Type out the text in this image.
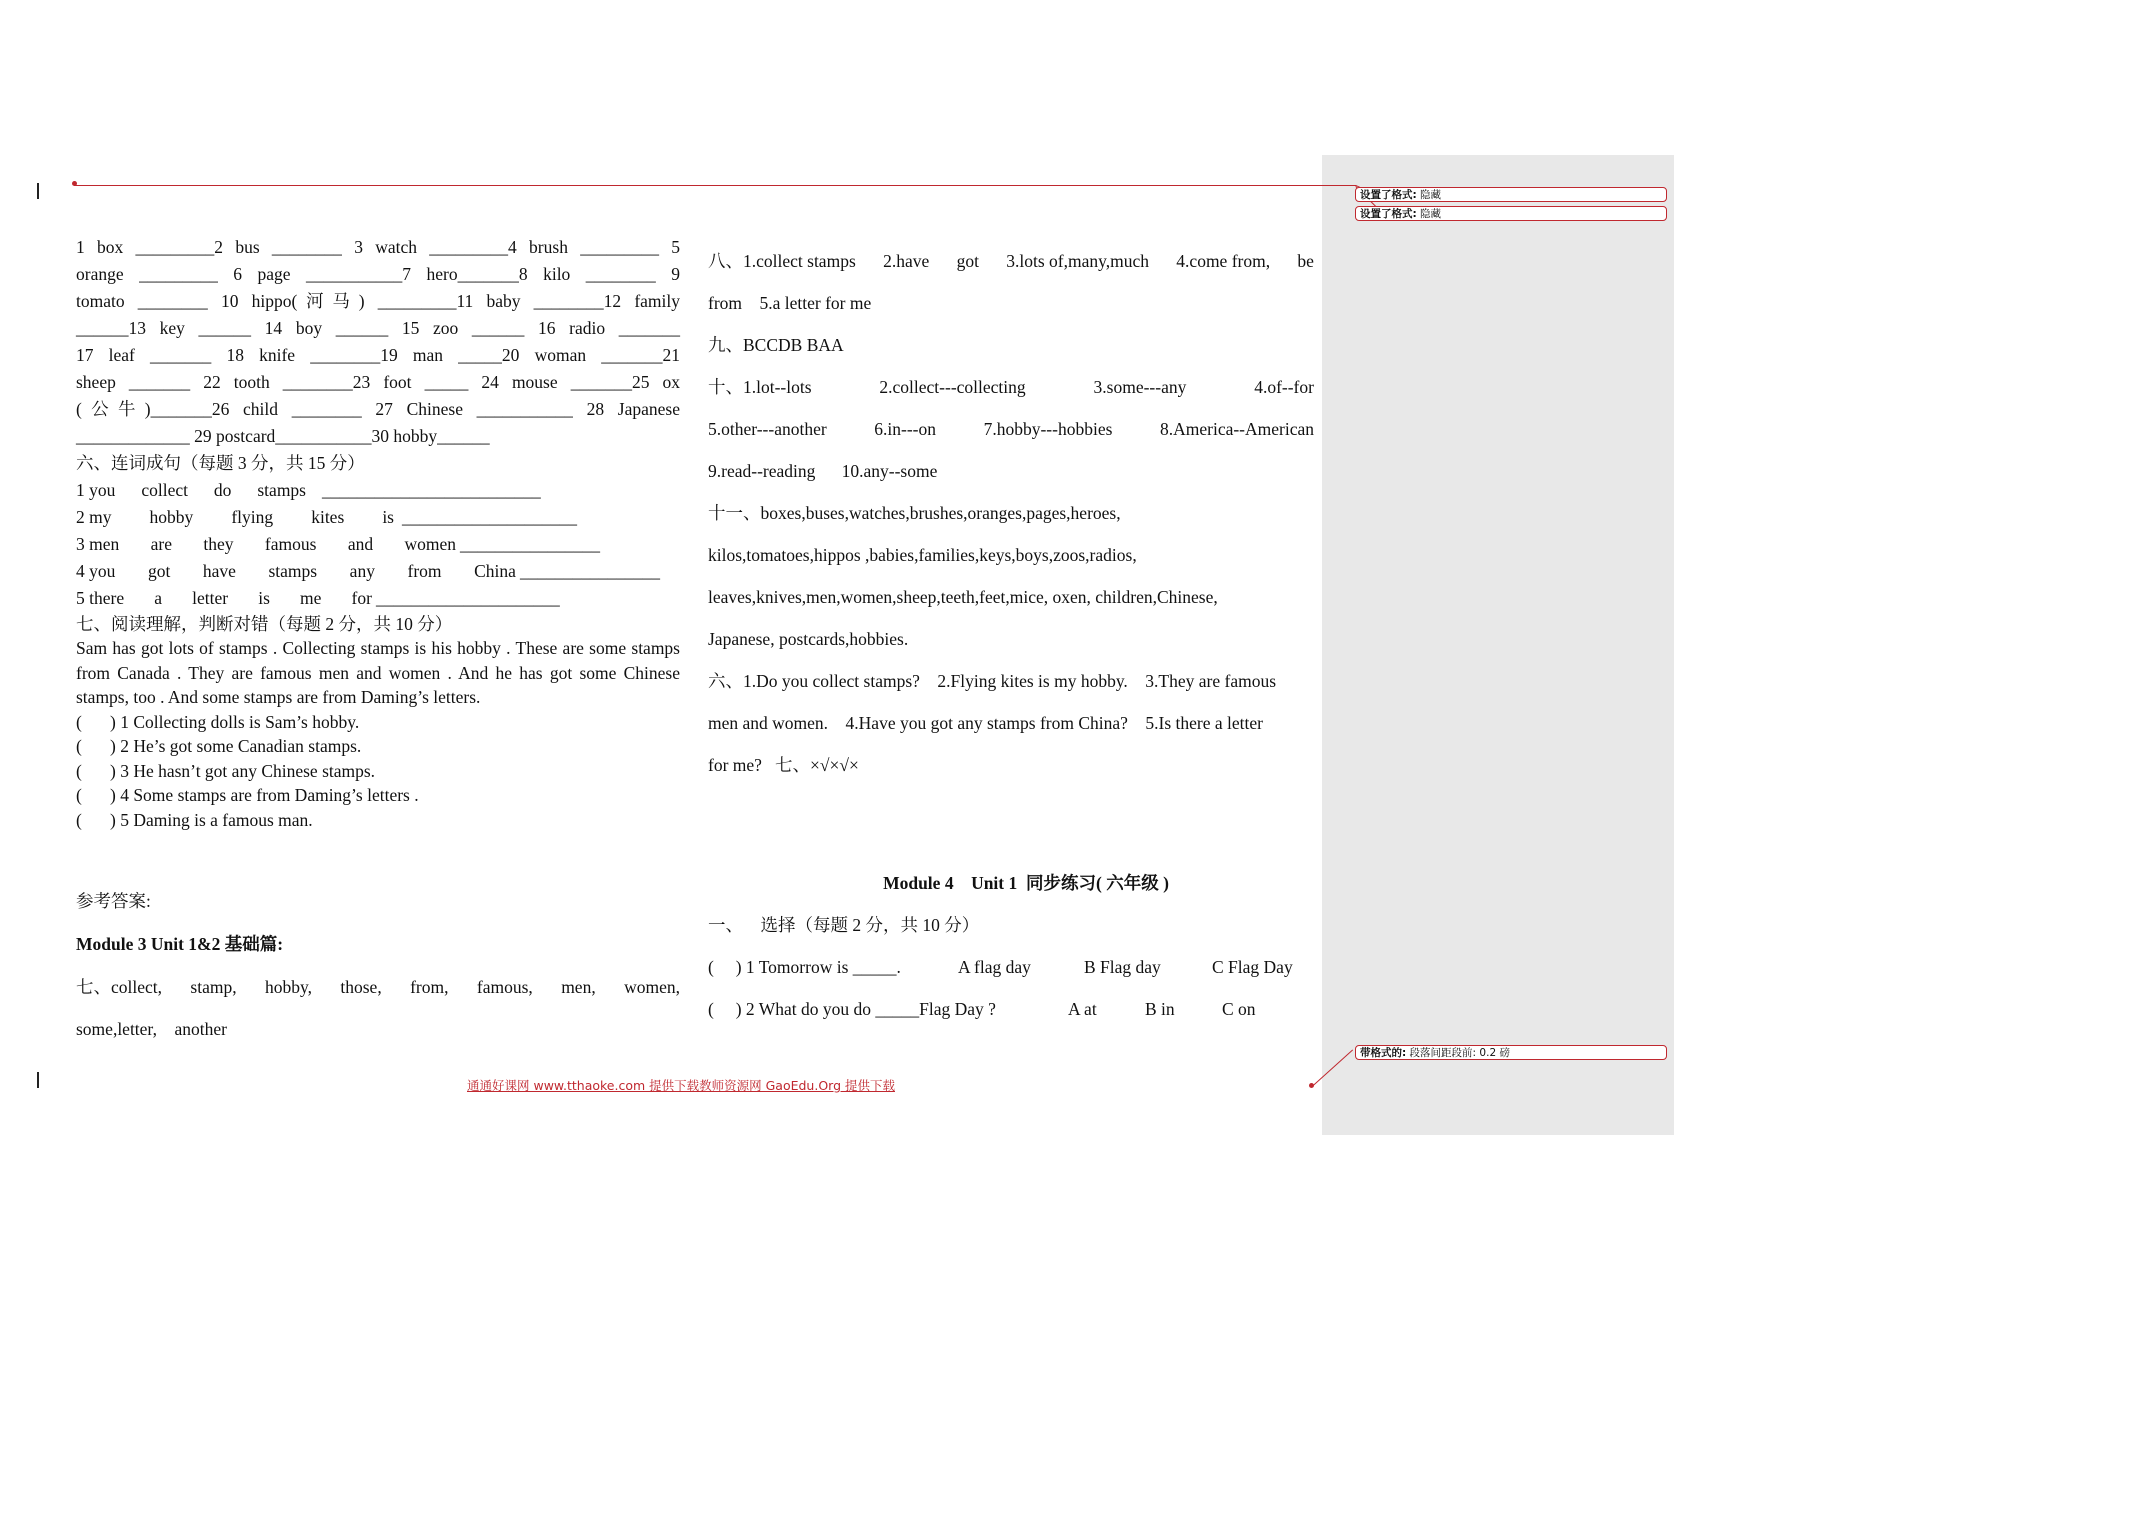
设置了格式: 隐藏
设置了格式: 隐藏
带格式的: 段落间距段前: 0.2 磅
1 box _________2 bus ________ 3 watch _________4 brush _________ 5
orange _________ 6 page ___________7 hero_______8 kilo ________ 9
tomato ________ 10 hippo(河马) _________11 baby ________12 family
______13 key ______ 14 boy ______ 15 zoo ______ 16 radio _______
17 leaf _______ 18 knife ________19 man _____20 woman _______21
sheep _______ 22 tooth ________23 foot _____ 24 mouse _______25 ox
(公牛)_______26 child ________ 27 Chinese ___________ 28 Japanese
_____________ 29 postcard___________30 hobby______
六、连词成句（每题 3 分，共 15 分）
1 you collect do stamps _________________________
2 my hobby flying kites is ____________________
3 men are they famous and women ________________
4 you got have stamps any from China ________________
5 there a letter is me for _____________________
七、阅读理解，判断对错（每题 2 分，共 10 分）
Sam has got lots of stamps . Collecting stamps is his hobby . These are some stamps from Canada . They are famous men and women . And he has got some Chinese stamps, too . And some stamps are from Daming’s letters.
( ) 1 Collecting dolls is Sam’s hobby.
( ) 2 He’s got some Canadian stamps.
( ) 3 He hasn’t got any Chinese stamps.
( ) 4 Some stamps are from Daming’s letters .
( ) 5 Daming is a famous man.
参考答案:
Module 3 Unit 1&2 基础篇:
七、collect, stamp, hobby, those, from, famous, men, women,
some,letter,    another
八、1.collect stamps 2.have got 3.lots of,many,much 4.come from, be
from    5.a letter for me
九、BCCDB BAA
十、1.lot--lots	2.collect---collecting	3.some---any	4.of--for
5.other---another	6.in---on	7.hobby---hobbies	8.America--American
9.read--reading      10.any--some
十一、boxes,buses,watches,brushes,oranges,pages,heroes,
kilos,tomatoes,hippos ,babies,families,keys,boys,zoos,radios,
leaves,knives,men,women,sheep,teeth,feet,mice, oxen, children,Chinese,
Japanese, postcards,hobbies.
六、1.Do you collect stamps?    2.Flying kites is my hobby.    3.They are famous
men and women.    4.Have you got any stamps from China?    5.Is there a letter
for me?   七、×√×√×
Module 4    Unit 1  同步练习( 六年级 )
一、    选择（每题 2 分，共 10 分）
(     ) 1 Tomorrow is _____.	A flag day	B Flag day	C Flag Day
(     ) 2 What do you do _____Flag Day ?	A at	B in	C on
通通好课网 www.tthaoke.com 提供下载教师资源网 GaoEdu.Org 提供下载
